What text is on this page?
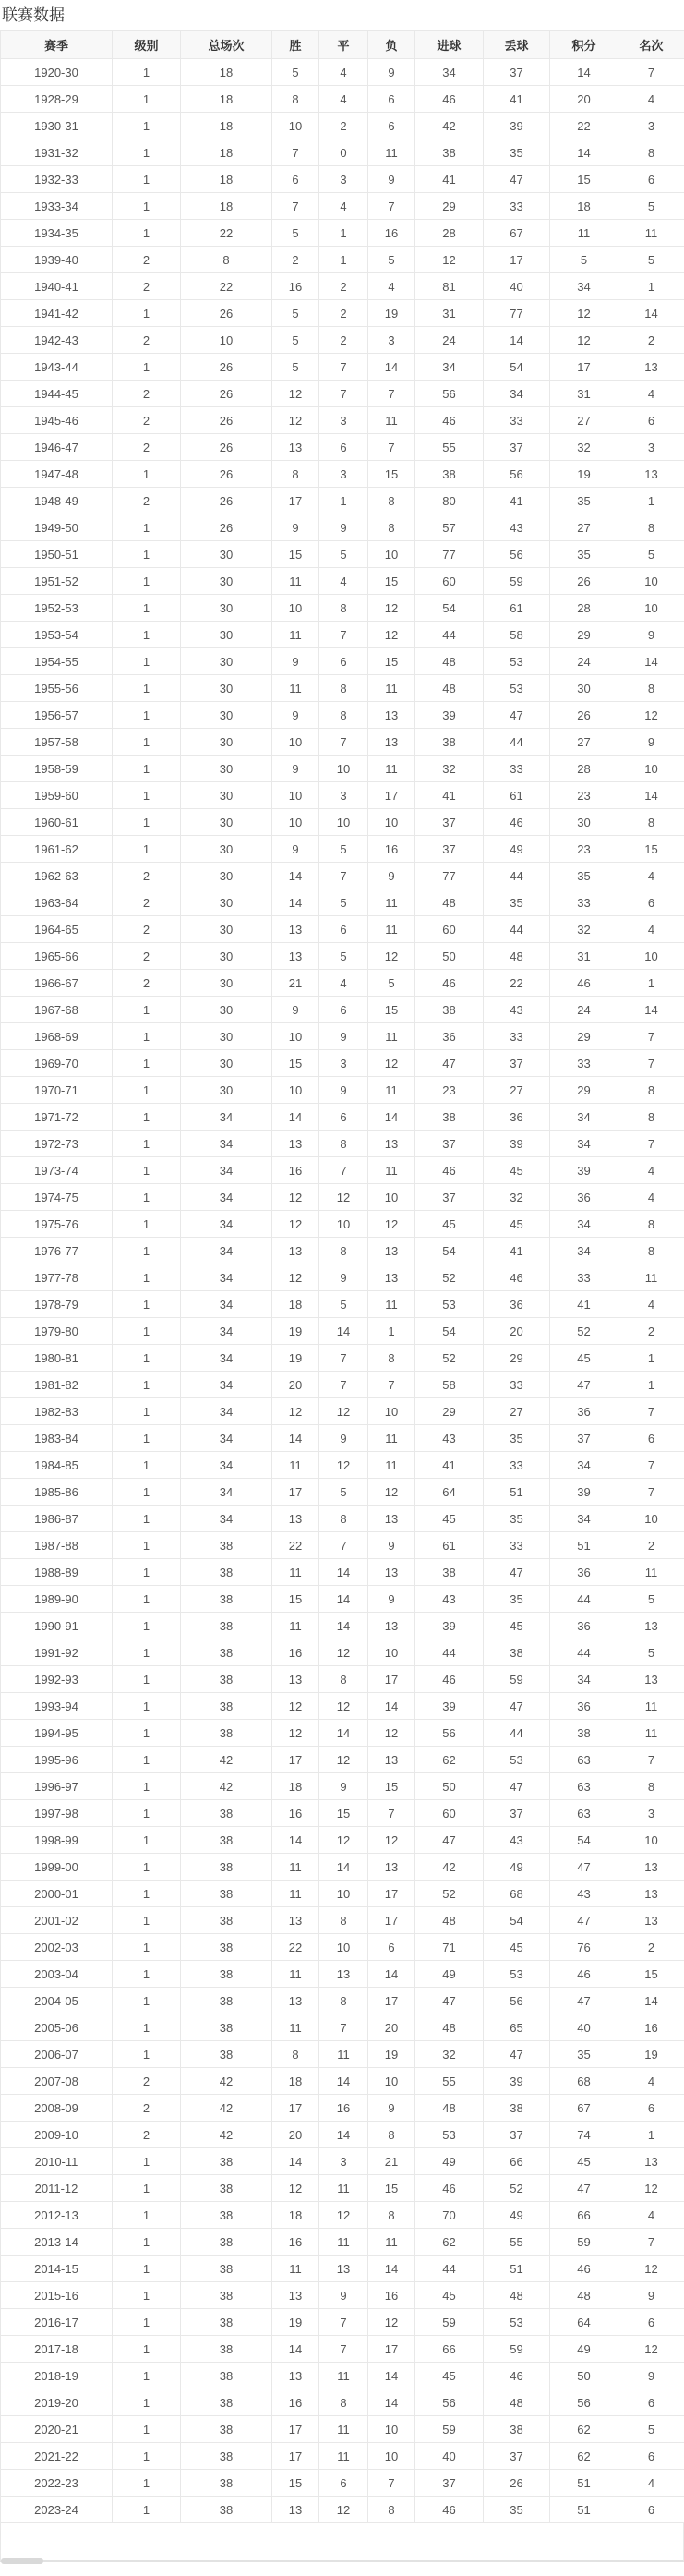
联赛数据
赛季	级别	总场次	胜	平	负	进球	丢球	积分	名次
1920-30	1	18	5	4	9	34	37	14	7
1928-29	1	18	8	4	6	46	41	20	4
1930-31	1	18	10	2	6	42	39	22	3
1931-32	1	18	7	0	11	38	35	14	8
1932-33	1	18	6	3	9	41	47	15	6
1933-34	1	18	7	4	7	29	33	18	5
1934-35	1	22	5	1	16	28	67	11	11
1939-40	2	8	2	1	5	12	17	5	5
1940-41	2	22	16	2	4	81	40	34	1
1941-42	1	26	5	2	19	31	77	12	14
1942-43	2	10	5	2	3	24	14	12	2
1943-44	1	26	5	7	14	34	54	17	13
1944-45	2	26	12	7	7	56	34	31	4
1945-46	2	26	12	3	11	46	33	27	6
1946-47	2	26	13	6	7	55	37	32	3
1947-48	1	26	8	3	15	38	56	19	13
1948-49	2	26	17	1	8	80	41	35	1
1949-50	1	26	9	9	8	57	43	27	8
1950-51	1	30	15	5	10	77	56	35	5
1951-52	1	30	11	4	15	60	59	26	10
1952-53	1	30	10	8	12	54	61	28	10
1953-54	1	30	11	7	12	44	58	29	9
1954-55	1	30	9	6	15	48	53	24	14
1955-56	1	30	11	8	11	48	53	30	8
1956-57	1	30	9	8	13	39	47	26	12
1957-58	1	30	10	7	13	38	44	27	9
1958-59	1	30	9	10	11	32	33	28	10
1959-60	1	30	10	3	17	41	61	23	14
1960-61	1	30	10	10	10	37	46	30	8
1961-62	1	30	9	5	16	37	49	23	15
1962-63	2	30	14	7	9	77	44	35	4
1963-64	2	30	14	5	11	48	35	33	6
1964-65	2	30	13	6	11	60	44	32	4
1965-66	2	30	13	5	12	50	48	31	10
1966-67	2	30	21	4	5	46	22	46	1
1967-68	1	30	9	6	15	38	43	24	14
1968-69	1	30	10	9	11	36	33	29	7
1969-70	1	30	15	3	12	47	37	33	7
1970-71	1	30	10	9	11	23	27	29	8
1971-72	1	34	14	6	14	38	36	34	8
1972-73	1	34	13	8	13	37	39	34	7
1973-74	1	34	16	7	11	46	45	39	4
1974-75	1	34	12	12	10	37	32	36	4
1975-76	1	34	12	10	12	45	45	34	8
1976-77	1	34	13	8	13	54	41	34	8
1977-78	1	34	12	9	13	52	46	33	11
1978-79	1	34	18	5	11	53	36	41	4
1979-80	1	34	19	14	1	54	20	52	2
1980-81	1	34	19	7	8	52	29	45	1
1981-82	1	34	20	7	7	58	33	47	1
1982-83	1	34	12	12	10	29	27	36	7
1983-84	1	34	14	9	11	43	35	37	6
1984-85	1	34	11	12	11	41	33	34	7
1985-86	1	34	17	5	12	64	51	39	7
1986-87	1	34	13	8	13	45	35	34	10
1987-88	1	38	22	7	9	61	33	51	2
1988-89	1	38	11	14	13	38	47	36	11
1989-90	1	38	15	14	9	43	35	44	5
1990-91	1	38	11	14	13	39	45	36	13
1991-92	1	38	16	12	10	44	38	44	5
1992-93	1	38	13	8	17	46	59	34	13
1993-94	1	38	12	12	14	39	47	36	11
1994-95	1	38	12	14	12	56	44	38	11
1995-96	1	42	17	12	13	62	53	63	7
1996-97	1	42	18	9	15	50	47	63	8
1997-98	1	38	16	15	7	60	37	63	3
1998-99	1	38	14	12	12	47	43	54	10
1999-00	1	38	11	14	13	42	49	47	13
2000-01	1	38	11	10	17	52	68	43	13
2001-02	1	38	13	8	17	48	54	47	13
2002-03	1	38	22	10	6	71	45	76	2
2003-04	1	38	11	13	14	49	53	46	15
2004-05	1	38	13	8	17	47	56	47	14
2005-06	1	38	11	7	20	48	65	40	16
2006-07	1	38	8	11	19	32	47	35	19
2007-08	2	42	18	14	10	55	39	68	4
2008-09	2	42	17	16	9	48	38	67	6
2009-10	2	42	20	14	8	53	37	74	1
2010-11	1	38	14	3	21	49	66	45	13
2011-12	1	38	12	11	15	46	52	47	12
2012-13	1	38	18	12	8	70	49	66	4
2013-14	1	38	16	11	11	62	55	59	7
2014-15	1	38	11	13	14	44	51	46	12
2015-16	1	38	13	9	16	45	48	48	9
2016-17	1	38	19	7	12	59	53	64	6
2017-18	1	38	14	7	17	66	59	49	12
2018-19	1	38	13	11	14	45	46	50	9
2019-20	1	38	16	8	14	56	48	56	6
2020-21	1	38	17	11	10	59	38	62	5
2021-22	1	38	17	11	10	40	37	62	6
2022-23	1	38	15	6	7	37	26	51	4
2023-24	1	38	13	12	8	46	35	51	6
